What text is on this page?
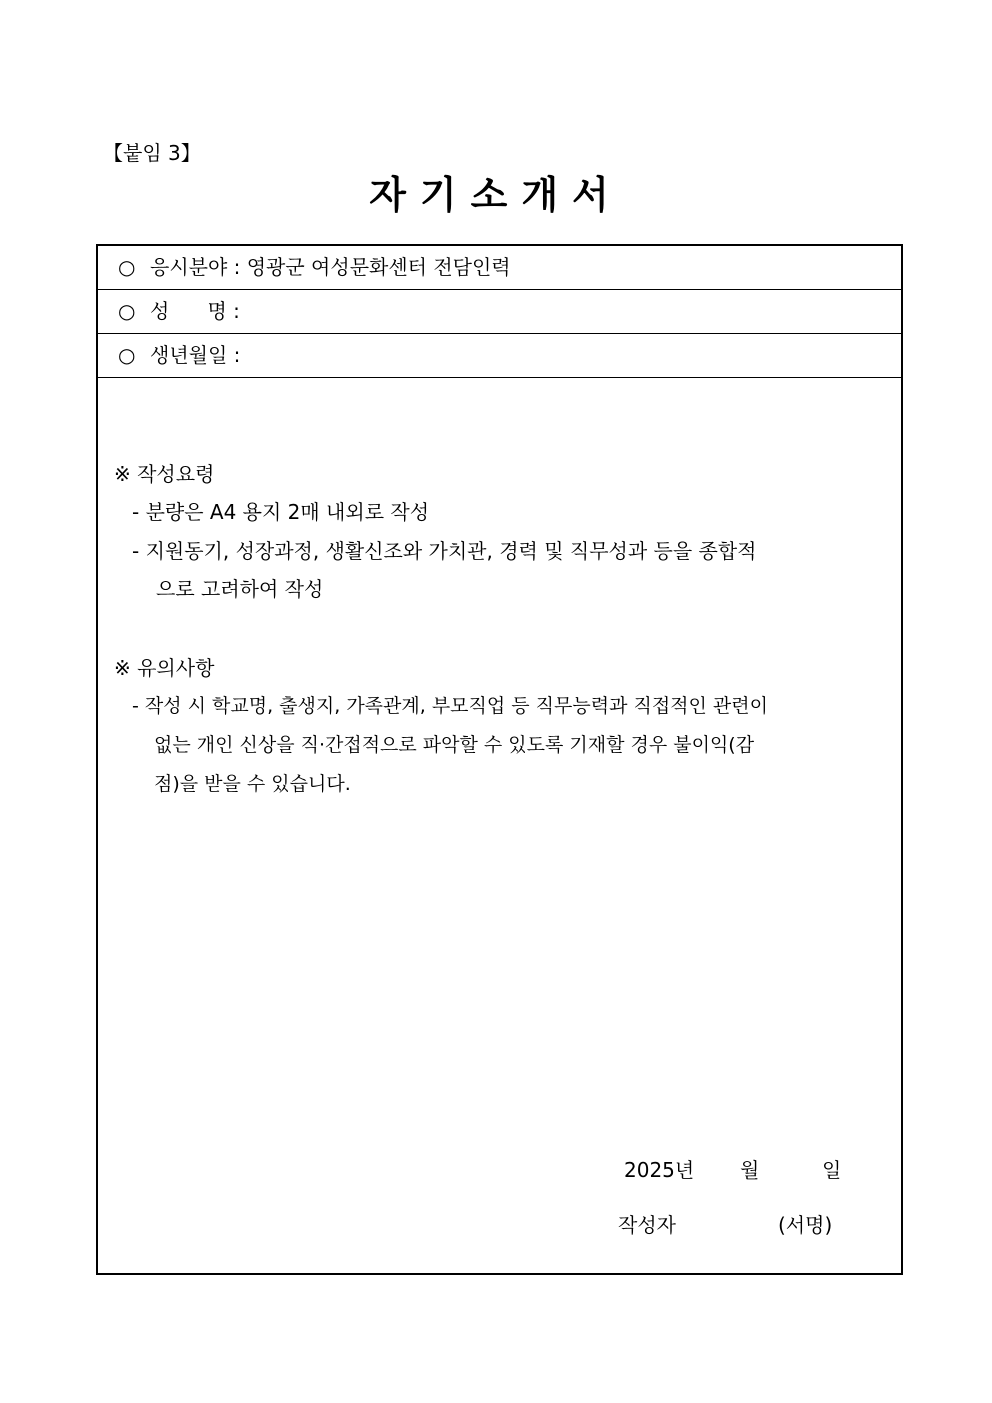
【붙임 3】
자기소개서
○ 응시분야 : 영광군 여성문화센터 전담인력
○ 성      명 :
○ 생년월일 :
※ 작성요령
- 분량은 A4 용지 2매 내외로 작성
- 지원동기, 성장과정, 생활신조와 가치관, 경력 및 직무성과 등을 종합적
으로 고려하여 작성
※ 유의사항
- 작성 시 학교명, 출생지, 가족관계, 부모직업 등 직무능력과 직접적인 관련이
없는 개인 신상을 직·간접적으로 파악할 수 있도록 기재할 경우 불이익(감
점)을 받을 수 있습니다.
2025년 월	일
작성자	(서명)
